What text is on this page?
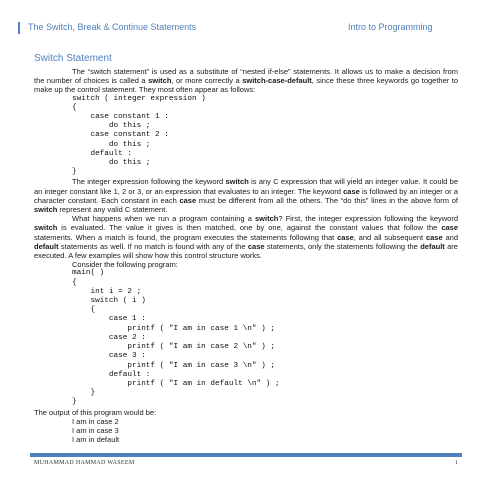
The Switch, Break & Continue Statements	Intro to Programming
Switch Statement

The “switch statement” is used as a substitute of “nested if-else” statements. It allows us to make a decision from the number of choices is called a switch, or more correctly a switch-case-default, since these three keywords go together to make up the control statement. They most often appear as follows:

switch ( integer expression )
{
case constant 1 :
do this ;
case constant 2 :
do this ;
default :
do this ;
}

The integer expression following the keyword switch is any C expression that will yield an integer value. It could be an integer constant like 1, 2 or 3, or an expression that evaluates to an integer. The keyword case is followed by an integer or a character constant. Each constant in each case must be different from all the others. The “do this” lines in the above form of switch represent any valid C statement.

What happens when we run a program containing a switch? First, the integer expression following the keyword switch is evaluated. The value it gives is then matched, one by one, against the constant values that follow the case statements. When a match is found, the program executes the statements following that case, and all subsequent case and default statements as well. If no match is found with any of the case statements, only the statements following the default are executed. A few examples will show how this control structure works.

Consider the following program:

main( )
{
int i = 2 ;
switch ( i )
{
case 1 :
printf ( "I am in case 1 \n" ) ;
case 2 :
printf ( "I am in case 2 \n" ) ;
case 3 :
printf ( "I am in case 3 \n" ) ;
default :
printf ( "I am in default \n" ) ;
}
}

The output of this program would be:

I am in case 2

I am in case 3

I am in default

MUHAMMAD HAMMAD WASEEM	1
